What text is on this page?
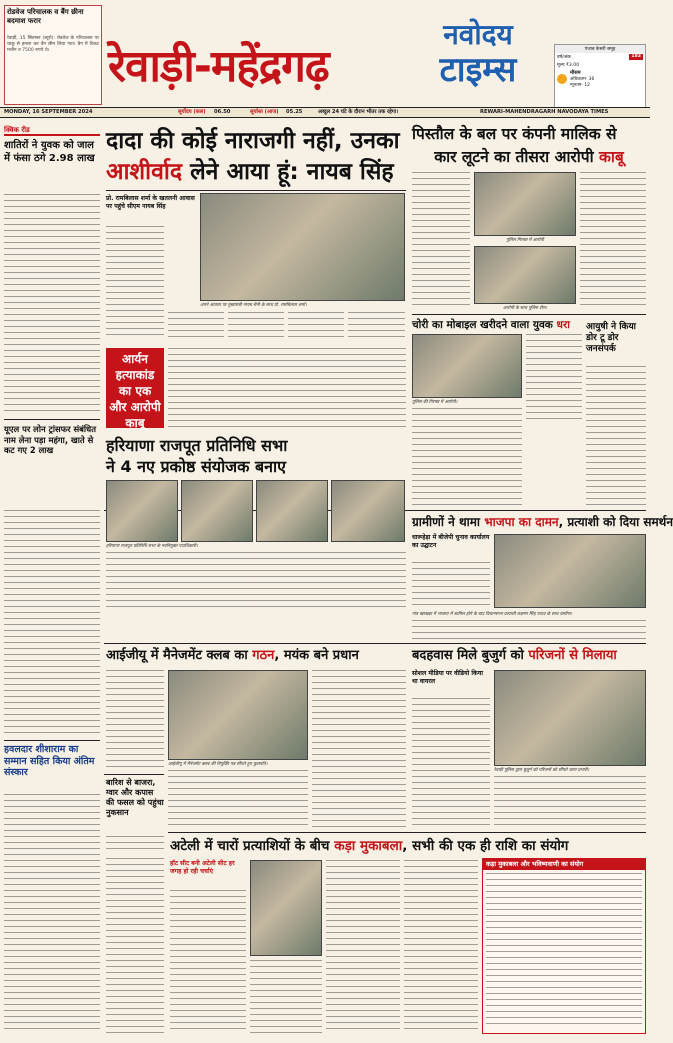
रोडवेज परिचालक व बैंग छीना बदमाश फरार
रेवाड़ी, 15 सितम्बर (ब्यूरो): रोडवेज के परिचालक पर चाकू से हमला कर बैग छीन लिया गया। बैग में टिकट मशीन व 7500 रुपये थे।	रेवाड़ी-महेंद्रगढ़
नवोदय
टाइम्स
पंजाब केसरी समूह
वर्ष/अंक	183
मूल्य ₹3.00
मौसम
अधिकतम- 36
न्यूनतम- 12
MONDAY, 16 SEPTEMBER 2024	सूर्योदय (कल) 06.50	सूर्यास्त (आज) 05.25	अब्दुल 24 घंटे के दौरान भीतर तक रहेगा।	REWARI-MAHENDRAGARH NAVODAYA TIMES
क्विक रीड
शातिरों ने युवक को जाल में फंसा ठगे 2.98 लाख
यूएल पर लोन ट्रांसफर संबंधित नाम लेना पड़ा महंगा, खाते से कट गए 2 लाख
दादा की कोई नाराजगी नहीं, उनका
आशीर्वाद लेने आया हूं: नायब सिंह
प्रो. रामबिलास शर्मा के खतलनी आवास पर पहुंचे सीएम नायब सिंह
अपने आवास पर मुख्यमंत्री नायब सैनी के साथ प्रो. रामबिलास शर्मा।
आर्यन हत्याकांड का एक और आरोपी काबू
पिस्तौल के बल पर कंपनी मालिक से
कार लूटने का तीसरा आरोपी काबू
पुलिस गिरफ्त में आरोपी
आरोपी के साथ पुलिस टीम।
चोरी का मोबाइल खरीदने वाला युवक धरा
पुलिस की गिरफ्त में आरोपी।
आयुषी ने किया डोर टू डोर जनसंपर्क
हरियाणा राजपूत प्रतिनिधि सभा
ने 4 नए प्रकोष्ठ संयोजक बनाए
हरियाणा राजपूत प्रतिनिधि सभा के नवनियुक्त पदाधिकारी।
ग्रामीणों ने थामा भाजपा का दामन, प्रत्याशी को दिया समर्थन
धारूहेड़ा में बीजेपी चुनाव कार्यालय का उद्घाटन
गांव खरखड़ा में भाजपा में शामिल होने के बाद विधानसभा प्रत्याशी लक्ष्मण सिंह यादव के साथ ग्रामीण।
आईजीयू में मैनेजमेंट क्लब का गठन, मयंक बने प्रधान
आईजीयू में मैनेजमेंट क्लब की नियुक्ति पत्र सौंपते हुए कुलपति।
हवलदार शीशाराम का सम्मान सहित किया अंतिम संस्कार
बारिश से बाजरा, ग्वार और कपास की फसल को पहुंचा नुकसान
बदहवास मिले बुजुर्ग को परिजनों से मिलाया
सोशल मीडिया पर वीडियो किया था वायरल
रेवाड़ी पुलिस द्वारा बुजुर्ग को परिजनों को सौंपते थाना प्रभारी।
अटेली में चारों प्रत्याशियों के बीच कड़ा मुकाबला, सभी की एक ही राशि का संयोग
हॉट सीट बनी अटेली सीट हर जगह हो रही चर्चाएं
कड़ा मुकाबला और भविष्यवाणी का संयोग
